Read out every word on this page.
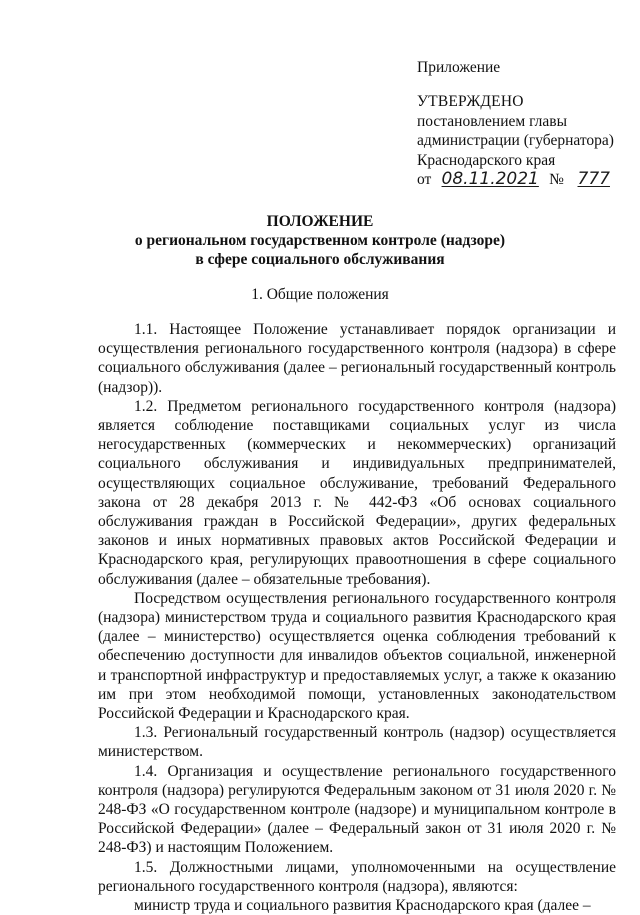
Приложение
УТВЕРЖДЕНО
постановлением главы
администрации (губернатора)
Краснодарского края
от 08.11.2021 № 777
ПОЛОЖЕНИЕ
о региональном государственном контроле (надзоре)
в сфере социального обслуживания
1. Общие положения

1.1. Настоящее Положение устанавливает порядок организации и осуществления регионального государственного контроля (надзора) в сфере социального обслуживания (далее – региональный государственный контроль (надзор)).

1.2. Предметом регионального государственного контроля (надзора) является соблюдение поставщиками социальных услуг из числа негосударственных (коммерческих и некоммерческих) организаций социального обслуживания и индивидуальных предпринимателей, осуществляющих социальное обслуживание, требований Федерального закона от 28 декабря 2013 г. № 442-ФЗ «Об основах социального обслуживания граждан в Российской Федерации», других федеральных законов и иных нормативных правовых актов Российской Федерации и Краснодарского края, регулирующих правоотношения в сфере социального обслуживания (далее – обязательные требования).

Посредством осуществления регионального государственного контроля (надзора) министерством труда и социального развития Краснодарского края (далее – министерство) осуществляется оценка соблюдения требований к обеспечению доступности для инвалидов объектов социальной, инженерной и транспортной инфраструктур и предоставляемых услуг, а также к оказанию им при этом необходимой помощи, установленных законодательством Российской Федерации и Краснодарского края.

1.3. Региональный государственный контроль (надзор) осуществляется министерством.

1.4. Организация и осуществление регионального государственного контроля (надзора) регулируются Федеральным законом от 31 июля 2020 г. № 248-ФЗ «О государственном контроле (надзоре) и муниципальном контроле в Российской Федерации» (далее – Федеральный закон от 31 июля 2020 г. № 248-ФЗ) и настоящим Положением.

1.5. Должностными лицами, уполномоченными на осуществление регионального государственного контроля (надзора), являются:

министр труда и социального развития Краснодарского края (далее –
